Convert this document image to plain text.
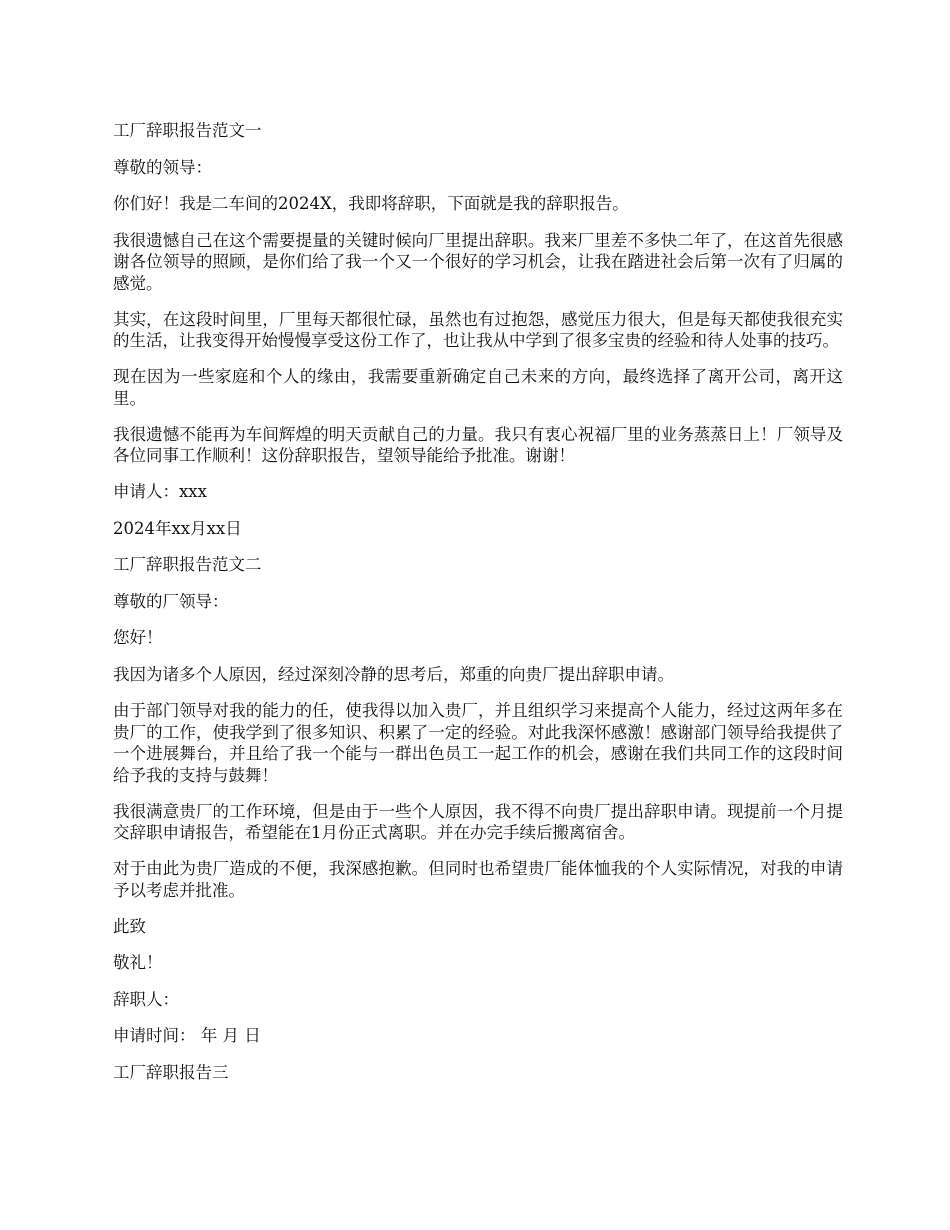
工厂辞职报告范文一

尊敬的领导：

你们好！我是二车间的2024X，我即将辞职，下面就是我的辞职报告。

我很遗憾自己在这个需要提量的关键时候向厂里提出辞职。我来厂里差不多快二年了，在这首先很感谢各位领导的照顾，是你们给了我一个又一个很好的学习机会，让我在踏进社会后第一次有了归属的感觉。

其实，在这段时间里，厂里每天都很忙碌，虽然也有过抱怨，感觉压力很大，但是每天都使我很充实的生活，让我变得开始慢慢享受这份工作了，也让我从中学到了很多宝贵的经验和待人处事的技巧。

现在因为一些家庭和个人的缘由，我需要重新确定自己未来的方向，最终选择了离开公司，离开这里。

我很遗憾不能再为车间辉煌的明天贡献自己的力量。我只有衷心祝福厂里的业务蒸蒸日上！厂领导及各位同事工作顺利！这份辞职报告，望领导能给予批准。谢谢！

申请人：xxx

2024年xx月xx日

工厂辞职报告范文二

尊敬的厂领导：

您好！

我因为诸多个人原因，经过深刻冷静的思考后，郑重的向贵厂提出辞职申请。

由于部门领导对我的能力的任，使我得以加入贵厂，并且组织学习来提高个人能力，经过这两年多在贵厂的工作，使我学到了很多知识、积累了一定的经验。对此我深怀感激！感谢部门领导给我提供了一个进展舞台，并且给了我一个能与一群出色员工一起工作的机会，感谢在我们共同工作的这段时间给予我的支持与鼓舞！

我很满意贵厂的工作环境，但是由于一些个人原因，我不得不向贵厂提出辞职申请。现提前一个月提交辞职申请报告，希望能在1月份正式离职。并在办完手续后搬离宿舍。

对于由此为贵厂造成的不便，我深感抱歉。但同时也希望贵厂能体恤我的个人实际情况，对我的申请予以考虑并批准。

此致

敬礼！

辞职人：

申请时间： 年 月 日

工厂辞职报告三
